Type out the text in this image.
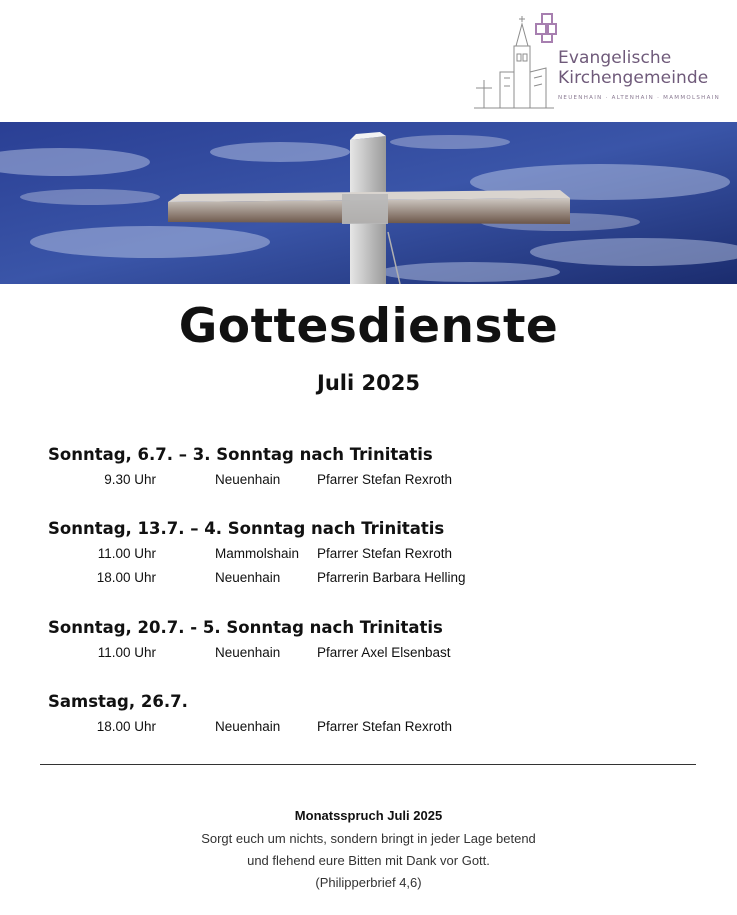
Evangelische
Kirchengemeinde
NEUENHAIN · ALTENHAIN · MAMMOLSHAIN
Gottesdienste
Juli 2025
Sonntag, 6.7. – 3. Sonntag nach Trinitatis
9.30 Uhr	Neuenhain	Pfarrer Stefan Rexroth
Sonntag, 13.7. – 4. Sonntag nach Trinitatis
11.00 Uhr	Mammolshain Pfarrer Stefan Rexroth
18.00 Uhr	Neuenhain	Pfarrerin Barbara Helling
Sonntag, 20.7. - 5. Sonntag nach Trinitatis
11.00 Uhr	Neuenhain	Pfarrer Axel Elsenbast
Samstag, 26.7.
18.00 Uhr	Neuenhain	Pfarrer Stefan Rexroth
Monatsspruch Juli 2025
Sorgt euch um nichts, sondern bringt in jeder Lage betend
und flehend eure Bitten mit Dank vor Gott.
(Philipperbrief 4,6)
